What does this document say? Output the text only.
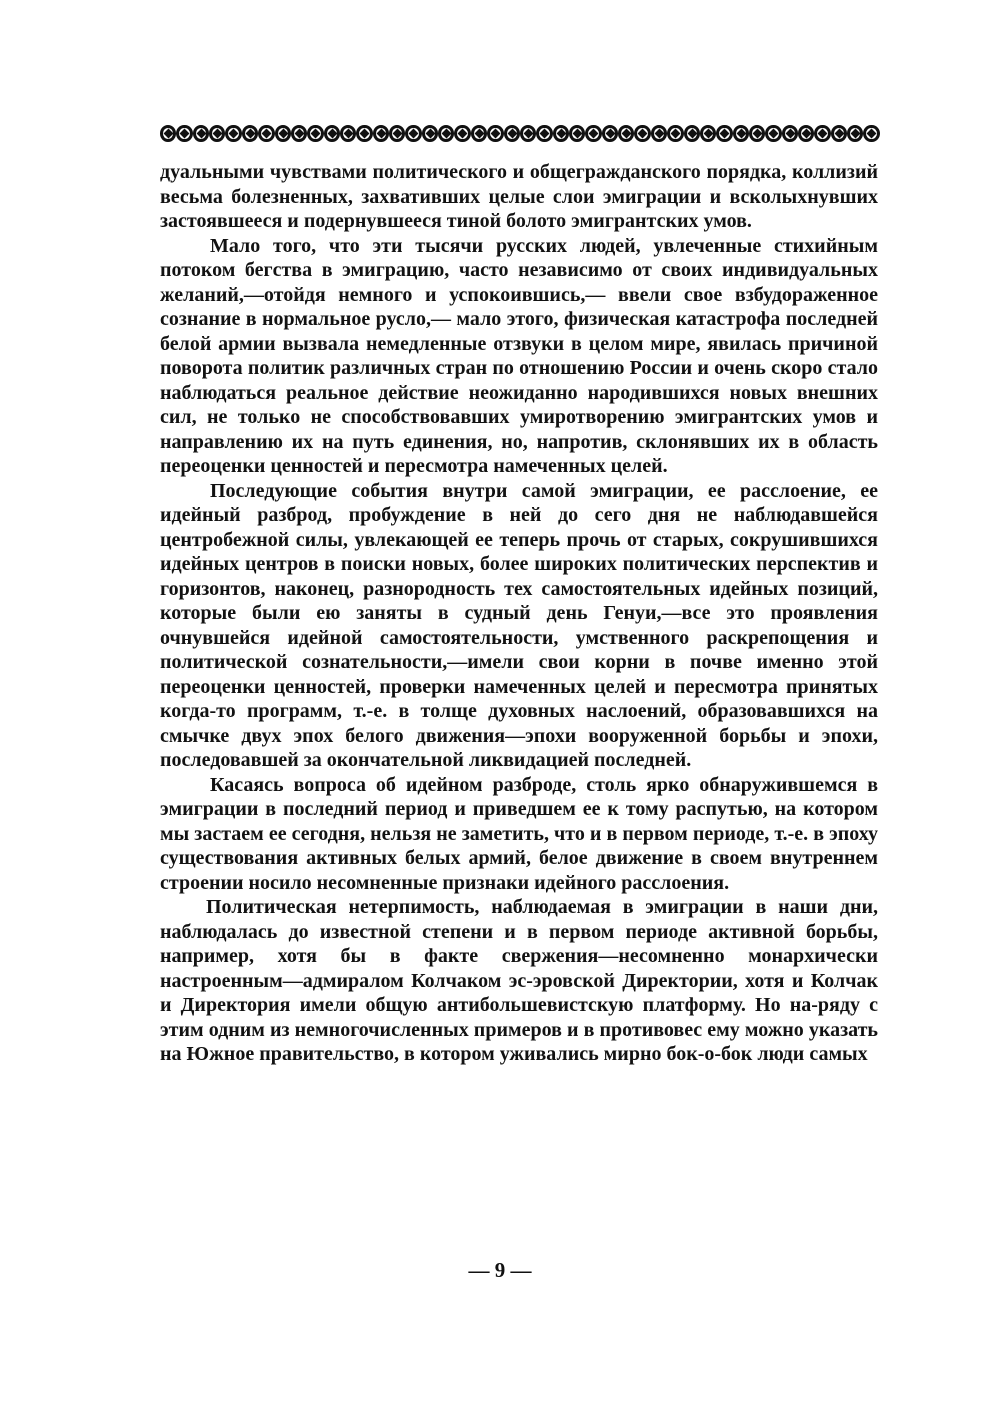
дуальными чувствами политического и общегражданского порядка, коллизий весьма болезненных, захвативших целые слои эмиграции и всколыхнувших застоявшееся и подернувшееся тиной болото эмигрантских умов.

Мало того, что эти тысячи русских людей, увлеченные стихийным потоком бегства в эмиграцию, часто независимо от своих индивидуальных желаний,—отойдя немного и успокоившись,— ввели свое взбудораженное сознание в нормальное русло,— мало этого, физическая катастрофа последней белой армии вызвала немедленные отзвуки в целом мире, явилась причиной поворота политик различных стран по отношению России и очень скоро стало наблюдаться реальное действие неожиданно народившихся новых внешних сил, не только не способствовавших умиротворению эмигрантских умов и направлению их на путь единения, но, напротив, склонявших их в область переоценки ценностей и пересмотра намеченных целей.

Последующие события внутри самой эмиграции, ее расслоение, ее идейный разброд, пробуждение в ней до сего дня не наблюдавшейся центробежной силы, увлекающей ее теперь прочь от старых, сокрушившихся идейных центров в поиски новых, более широких политических перспектив и горизонтов, наконец, разнородность тех самостоятельных идейных позиций, которые были ею заняты в судный день Генуи,—все это проявления очнувшейся идейной самостоятельности, умственного раскрепощения и политической сознательности,—имели свои корни в почве именно этой переоценки ценностей, проверки намеченных целей и пересмотра принятых когда-то программ, т.-е. в толще духовных наслоений, образовавшихся на смычке двух эпох белого движения—эпохи вооруженной борьбы и эпохи, последовавшей за окончательной ликвидацией последней.

Касаясь вопроса об идейном разброде, столь ярко обнаружившемся в эмиграции в последний период и приведшем ее к тому распутью, на котором мы застаем ее сегодня, нельзя не заметить, что и в первом периоде, т.-е. в эпоху существования активных белых армий, белое движение в своем внутреннем строении носило несомненные признаки идейного расслоения.

Политическая нетерпимость, наблюдаемая в эмиграции в наши дни, наблюдалась до известной степени и в первом периоде активной борьбы, например, хотя бы в факте свержения—несомненно монархически настроенным—адмиралом Колчаком эс-эровской Директории, хотя и Колчак и Директория имели общую антибольшевистскую платформу. Но на-ряду с этим одним из немногочисленных примеров и в противовес ему можно указать на Южное правительство, в котором уживались мирно бок-о-бок люди самых

— 9 —
